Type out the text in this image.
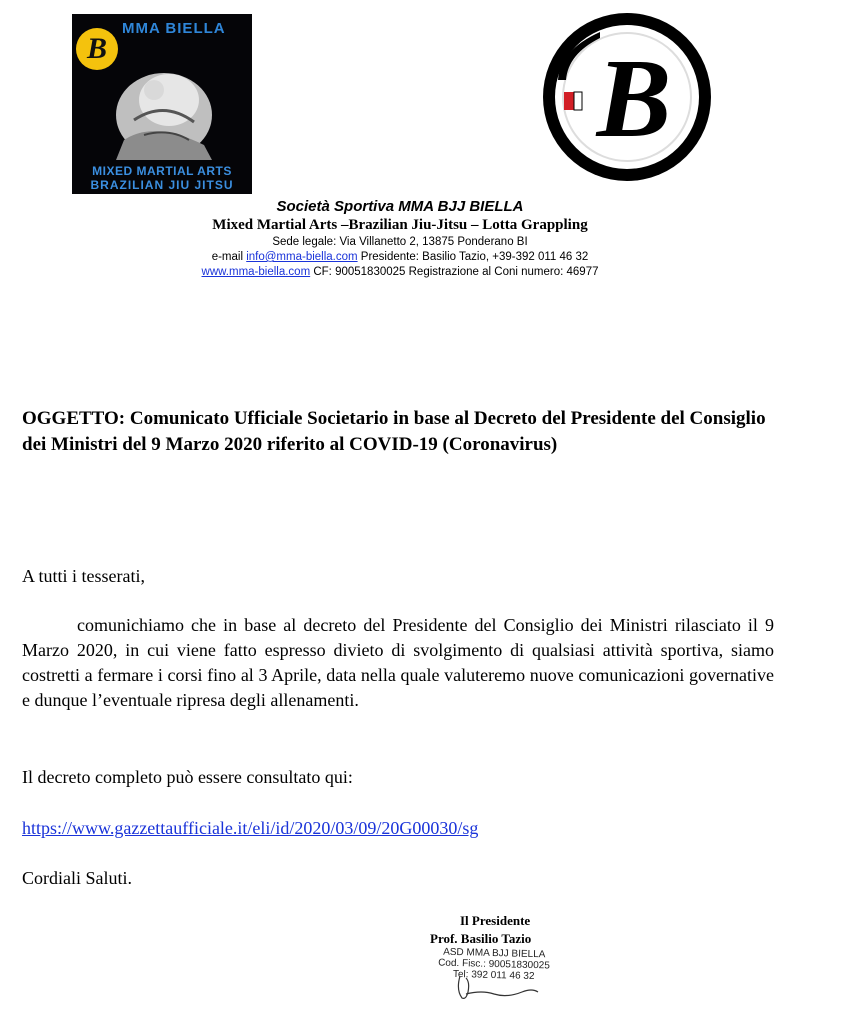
B
MMA BIELLA
MIXED MARTIAL ARTS
BRAZILIAN JIU JITSU
B
Società Sportiva MMA BJJ BIELLA
Mixed Martial Arts –Brazilian Jiu-Jitsu – Lotta Grappling
Sede legale: Via Villanetto 2, 13875 Ponderano BI
e-mail info@mma-biella.com Presidente: Basilio Tazio, +39-392 011 46 32
www.mma-biella.com CF: 90051830025 Registrazione al Coni numero: 46977
OGGETTO: Comunicato Ufficiale Societario in base al Decreto del Presidente del Consiglio dei Ministri del 9 Marzo 2020 riferito al COVID-19 (Coronavirus)
A tutti i tesserati,
comunichiamo che in base al decreto del Presidente del Consiglio dei Ministri rilasciato il 9 Marzo 2020, in cui viene fatto espresso divieto di svolgimento di qualsiasi attività sportiva, siamo costretti a fermare i corsi fino al 3 Aprile, data nella quale valuteremo nuove comunicazioni governative e dunque l’eventuale ripresa degli allenamenti.
Il decreto completo può essere consultato qui:
https://www.gazzettaufficiale.it/eli/id/2020/03/09/20G00030/sg
Cordiali Saluti.
Il Presidente
Prof. Basilio Tazio
ASD MMA BJJ BIELLA
Cod. Fisc.: 90051830025
Tel: 392 011 46 32
